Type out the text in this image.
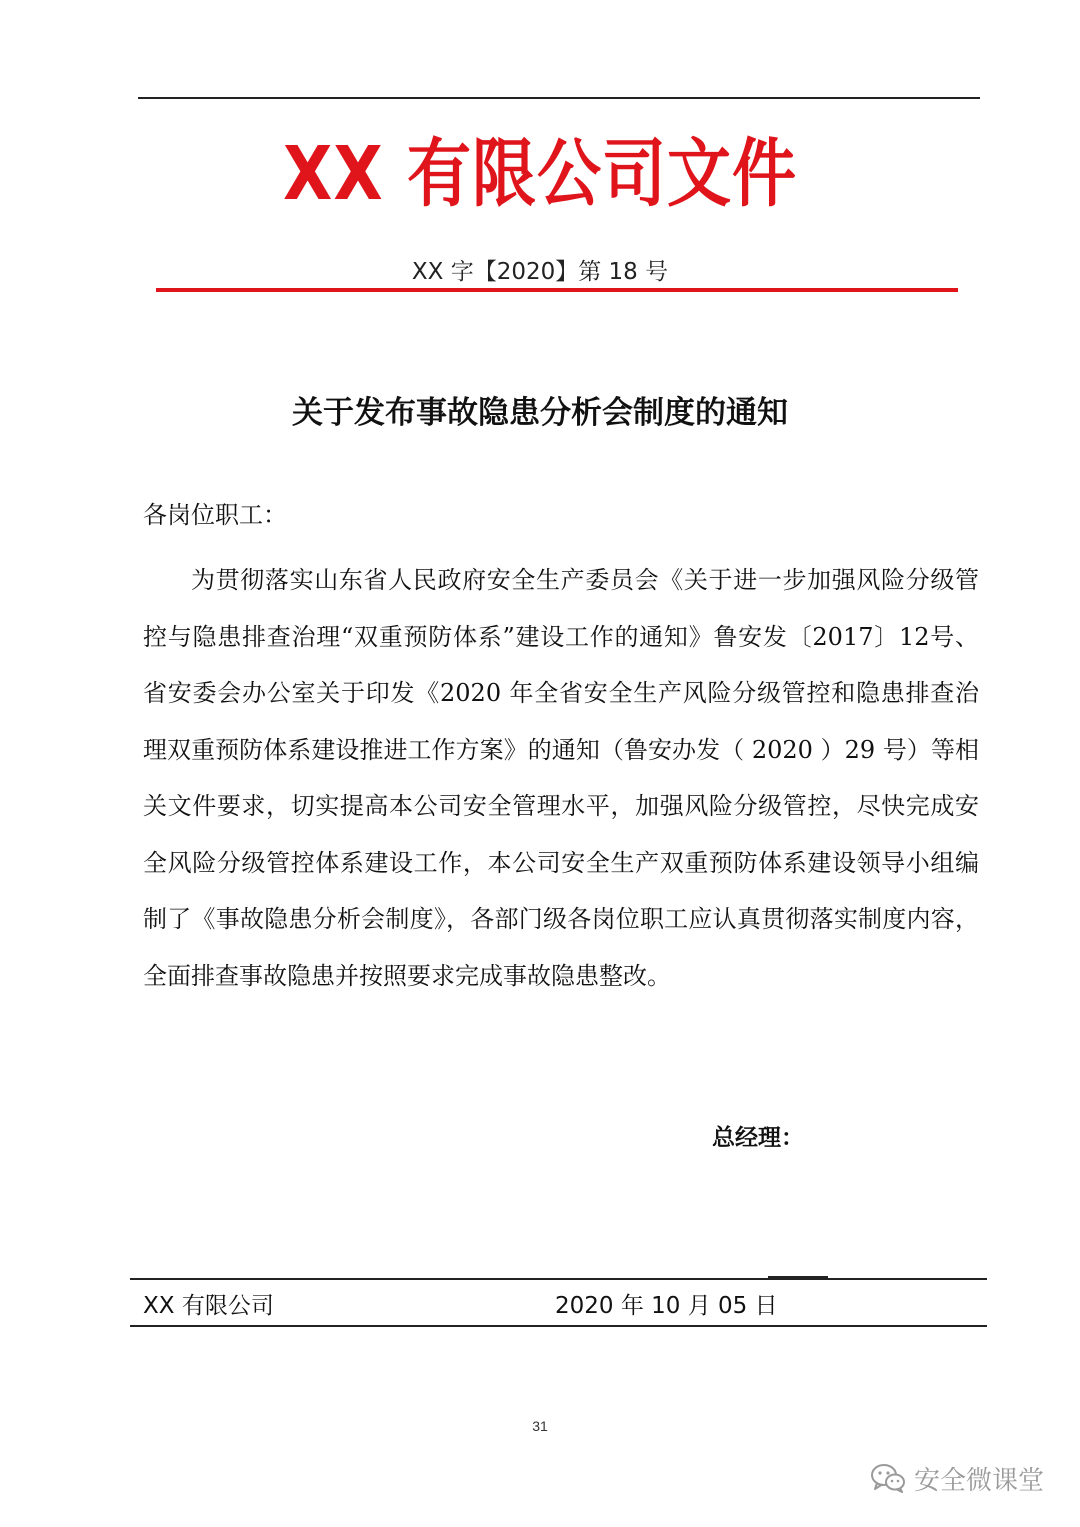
XX 有限公司文件
XX 字【2020】第 18 号
关于发布事故隐患分析会制度的通知
各岗位职工：

为贯彻落实山东省人民政府安全生产委员会《关于进一步加强风险分级管控与隐患排查治理“双重预防体系”建设工作的通知》鲁安发〔2017〕12号、省安委会办公室关于印发《2020 年全省安全生产风险分级管控和隐患排查治理双重预防体系建设推进工作方案》的通知（鲁安办发（ 2020 ）29 号）等相关文件要求，切实提高本公司安全管理水平，加强风险分级管控，尽快完成安全风险分级管控体系建设工作，本公司安全生产双重预防体系建设领导小组编制了《事故隐患分析会制度》，各部门级各岗位职工应认真贯彻落实制度内容，全面排查事故隐患并按照要求完成事故隐患整改。

总经理：
XX 有限公司	2020 年 10 月 05 日
31
安全微课堂
